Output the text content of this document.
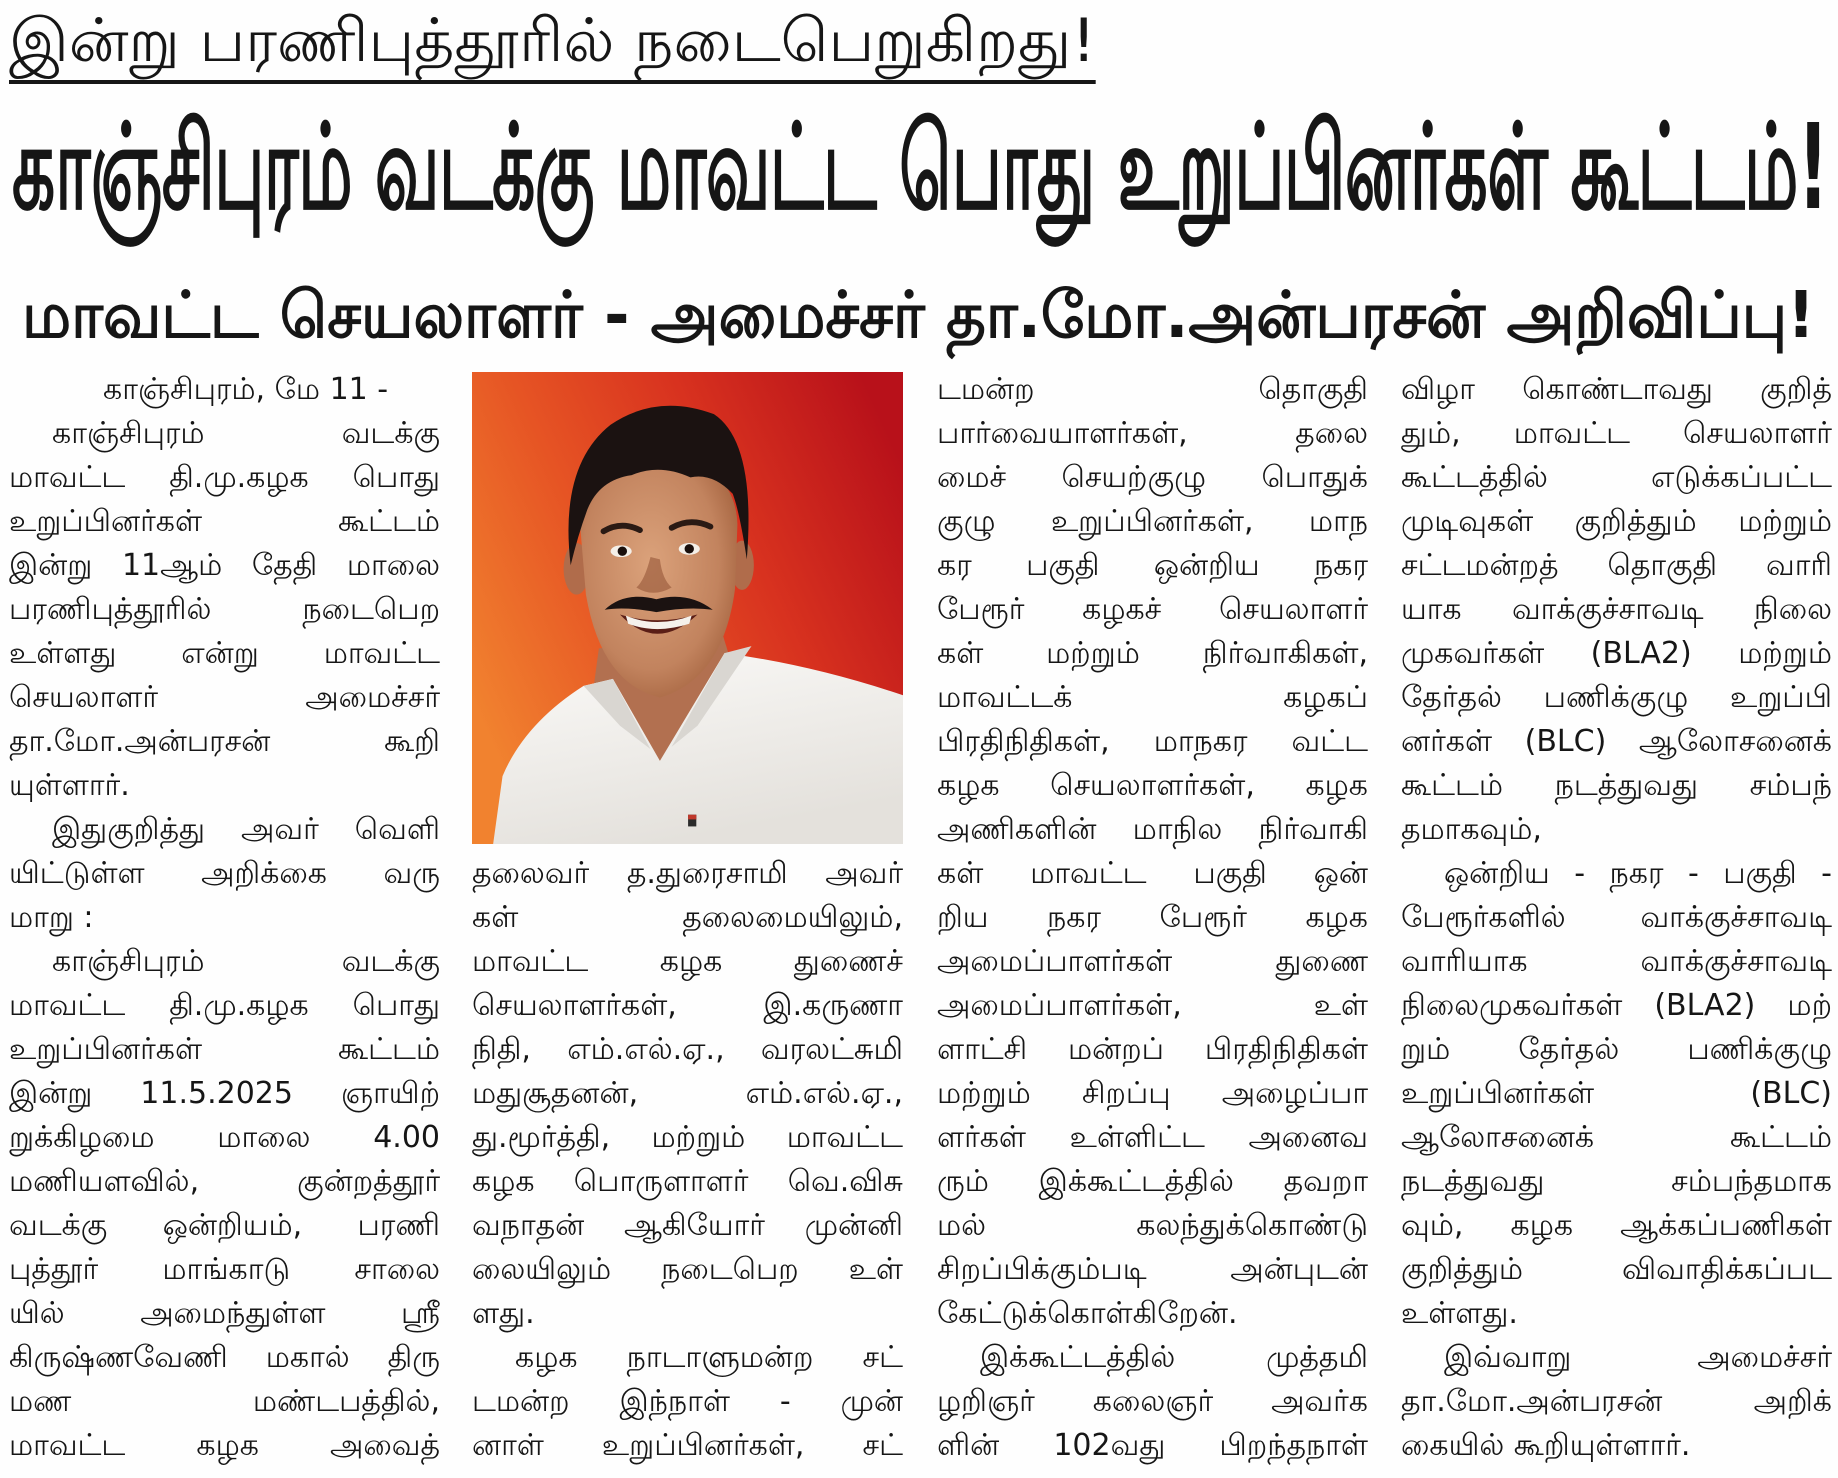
இன்று பரணிபுத்தூரில் நடைபெறுகிறது!
காஞ்சிபுரம் வடக்கு மாவட்ட பொது உறுப்பினர்கள் கூட்டம்!
மாவட்ட செயலாளர் - அமைச்சர் தா.மோ.அன்பரசன் அறிவிப்பு!
காஞ்சிபுரம், மே 11 -
காஞ்சிபுரம் வடக்கு
மாவட்ட தி.மு.கழக பொது
உறுப்பினர்கள் கூட்டம்
இன்று 11ஆம் தேதி மாலை
பரணிபுத்தூரில் நடைபெற
உள்ளது என்று மாவட்ட
செயலாளர் அமைச்சர்
தா.மோ.அன்பரசன் கூறி
யுள்ளார்.
இதுகுறித்து அவர் வெளி
யிட்டுள்ள அறிக்கை வரு
மாறு :
காஞ்சிபுரம் வடக்கு
மாவட்ட தி.மு.கழக பொது
உறுப்பினர்கள் கூட்டம்
இன்று 11.5.2025 ஞாயிற்
றுக்கிழமை மாலை 4.00
மணியளவில், குன்றத்தூர்
வடக்கு ஒன்றியம், பரணி
புத்தூர் மாங்காடு சாலை
யில் அமைந்துள்ள ஸ்ரீ
கிருஷ்ணவேணி மகால் திரு
மண மண்டபத்தில்,
மாவட்ட கழக அவைத்
தலைவர் த.துரைசாமி அவர்
கள் தலைமையிலும்,
மாவட்ட கழக துணைச்
செயலாளர்கள், இ.கருணா
நிதி, எம்.எல்.ஏ., வரலட்சுமி
மதுசூதனன், எம்.எல்.ஏ.,
து.மூர்த்தி, மற்றும் மாவட்ட
கழக பொருளாளர் வெ.விசு
வநாதன் ஆகியோர் முன்னி
லையிலும் நடைபெற உள்
ளது.
கழக நாடாளுமன்ற சட்
டமன்ற இந்நாள் - முன்
னாள் உறுப்பினர்கள், சட்
டமன்ற தொகுதி
பார்வையாளர்கள், தலை
மைச் செயற்குழு பொதுக்
குழு உறுப்பினர்கள், மாந
கர பகுதி ஒன்றிய நகர
பேரூர் கழகச் செயலாளர்
கள் மற்றும் நிர்வாகிகள்,
மாவட்டக் கழகப்
பிரதிநிதிகள், மாநகர வட்ட
கழக செயலாளர்கள், கழக
அணிகளின் மாநில நிர்வாகி
கள் மாவட்ட பகுதி ஒன்
றிய நகர பேரூர் கழக
அமைப்பாளர்கள் துணை
அமைப்பாளர்கள், உள்
ளாட்சி மன்றப் பிரதிநிதிகள்
மற்றும் சிறப்பு அழைப்பா
ளர்கள் உள்ளிட்ட அனைவ
ரும் இக்கூட்டத்தில் தவறா
மல் கலந்துக்கொண்டு
சிறப்பிக்கும்படி அன்புடன்
கேட்டுக்கொள்கிறேன்.
இக்கூட்டத்தில் முத்தமி
ழறிஞர் கலைஞர் அவர்க
ளின் 102வது பிறந்தநாள்
விழா கொண்டாவது குறித்
தும், மாவட்ட செயலாளர்
கூட்டத்தில் எடுக்கப்பட்ட
முடிவுகள் குறித்தும் மற்றும்
சட்டமன்றத் தொகுதி வாரி
யாக வாக்குச்சாவடி நிலை
முகவர்கள் (BLA2) மற்றும்
தேர்தல் பணிக்குழு உறுப்பி
னர்கள் (BLC) ஆலோசனைக்
கூட்டம் நடத்துவது சம்பந்
தமாகவும்,
ஒன்றிய - நகர - பகுதி -
பேரூர்களில் வாக்குச்சாவடி
வாரியாக வாக்குச்சாவடி
நிலைமுகவர்கள் (BLA2) மற்
றும் தேர்தல் பணிக்குழு
உறுப்பினர்கள் (BLC)
ஆலோசனைக் கூட்டம்
நடத்துவது சம்பந்தமாக
வும், கழக ஆக்கப்பணிகள்
குறித்தும் விவாதிக்கப்பட
உள்ளது.
இவ்வாறு அமைச்சர்
தா.மோ.அன்பரசன் அறிக்
கையில் கூறியுள்ளார்.
